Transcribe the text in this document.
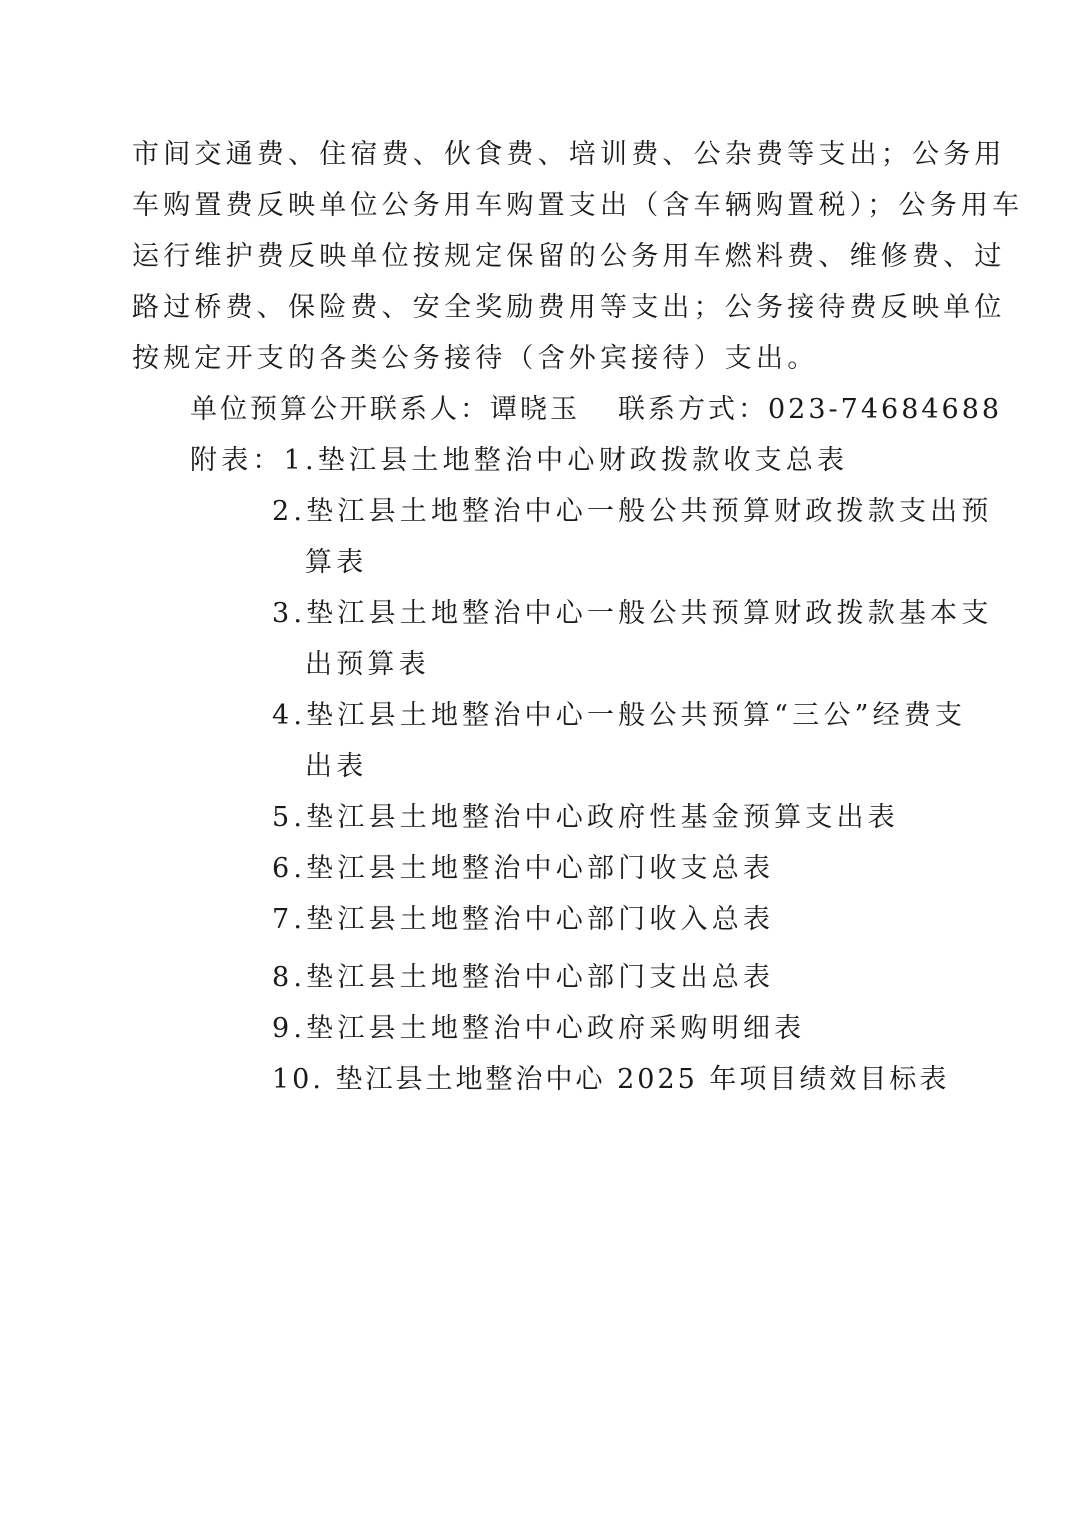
市间交通费、住宿费、伙食费、培训费、公杂费等支出；公务用
车购置费反映单位公务用车购置支出（含车辆购置税）；公务用车
运行维护费反映单位按规定保留的公务用车燃料费、维修费、过
路过桥费、保险费、安全奖励费用等支出；公务接待费反映单位
按规定开支的各类公务接待（含外宾接待）支出。
单位预算公开联系人：谭晓玉 联系方式：023-74684688
附表：1.垫江县土地整治中心财政拨款收支总表
2.垫江县土地整治中心一般公共预算财政拨款支出预
算表
3.垫江县土地整治中心一般公共预算财政拨款基本支
出预算表
4.垫江县土地整治中心一般公共预算“三公”经费支
出表
5.垫江县土地整治中心政府性基金预算支出表
6.垫江县土地整治中心部门收支总表
7.垫江县土地整治中心部门收入总表
8.垫江县土地整治中心部门支出总表
9.垫江县土地整治中心政府采购明细表
10. 垫江县土地整治中心 2025 年项目绩效目标表
